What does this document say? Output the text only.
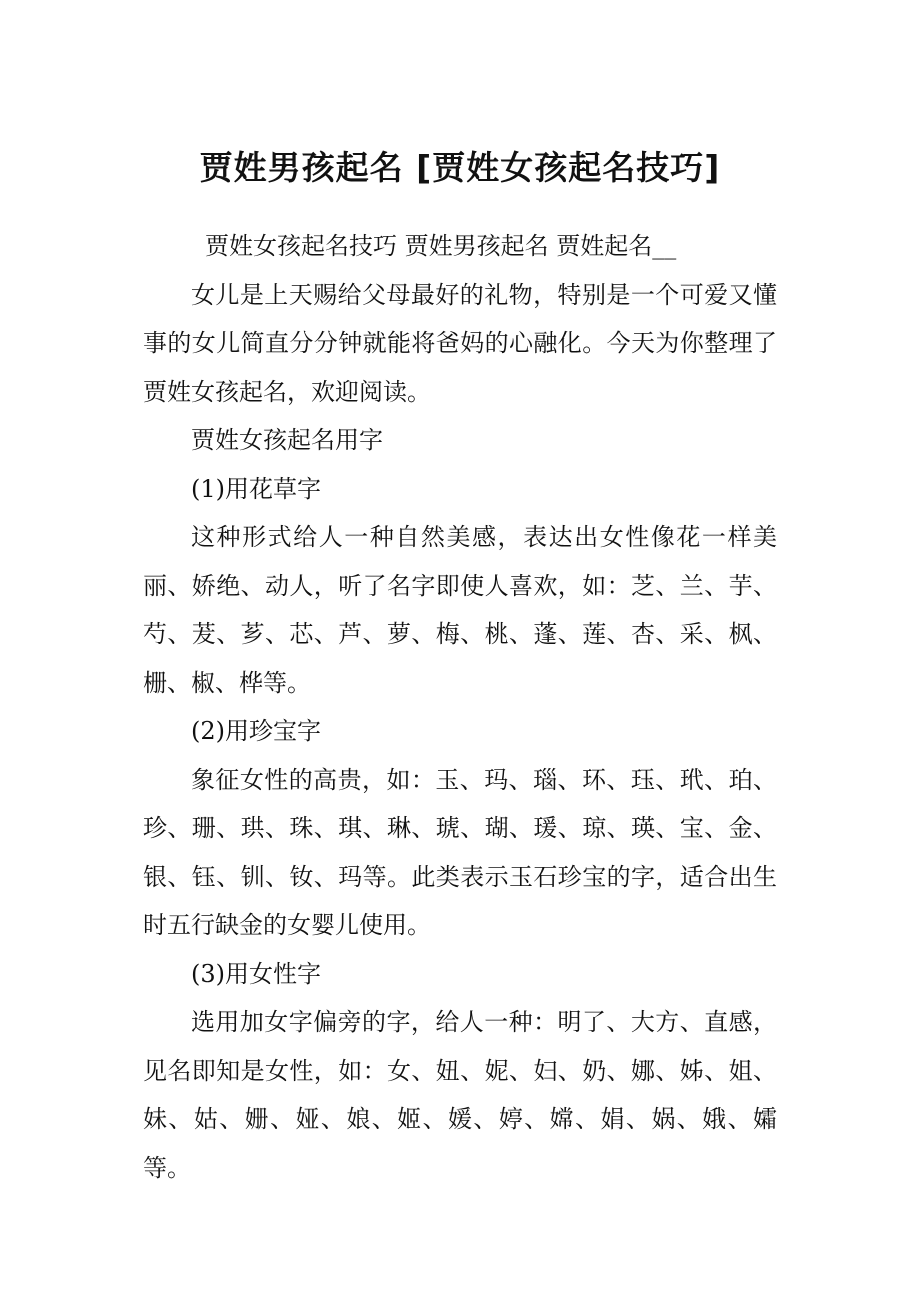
贾姓男孩起名 [贾姓女孩起名技巧]

贾姓女孩起名技巧 贾姓男孩起名 贾姓起名__

女儿是上天赐给父母最好的礼物，特别是一个可爱又懂事的女儿简直分分钟就能将爸妈的心融化。今天为你整理了贾姓女孩起名，欢迎阅读。

贾姓女孩起名用字

(1)用花草字

这种形式给人一种自然美感，表达出女性像花一样美丽、娇绝、动人，听了名字即使人喜欢，如：芝、兰、芋、芍、茇、芗、芯、芦、萝、梅、桃、蓬、莲、杏、采、枫、栅、椒、桦等。

(2)用珍宝字

象征女性的高贵，如：玉、玛、瑙、环、珏、玳、珀、珍、珊、珙、珠、琪、琳、琥、瑚、瑗、琼、瑛、宝、金、银、钰、钏、钕、玛等。此类表示玉石珍宝的字，适合出生时五行缺金的女婴儿使用。

(3)用女性字

选用加女字偏旁的字，给人一种：明了、大方、直感，见名即知是女性，如：女、妞、妮、妇、奶、娜、姊、姐、妹、姑、姗、娅、娘、姬、媛、婷、嫦、娟、娲、娥、孀等。
